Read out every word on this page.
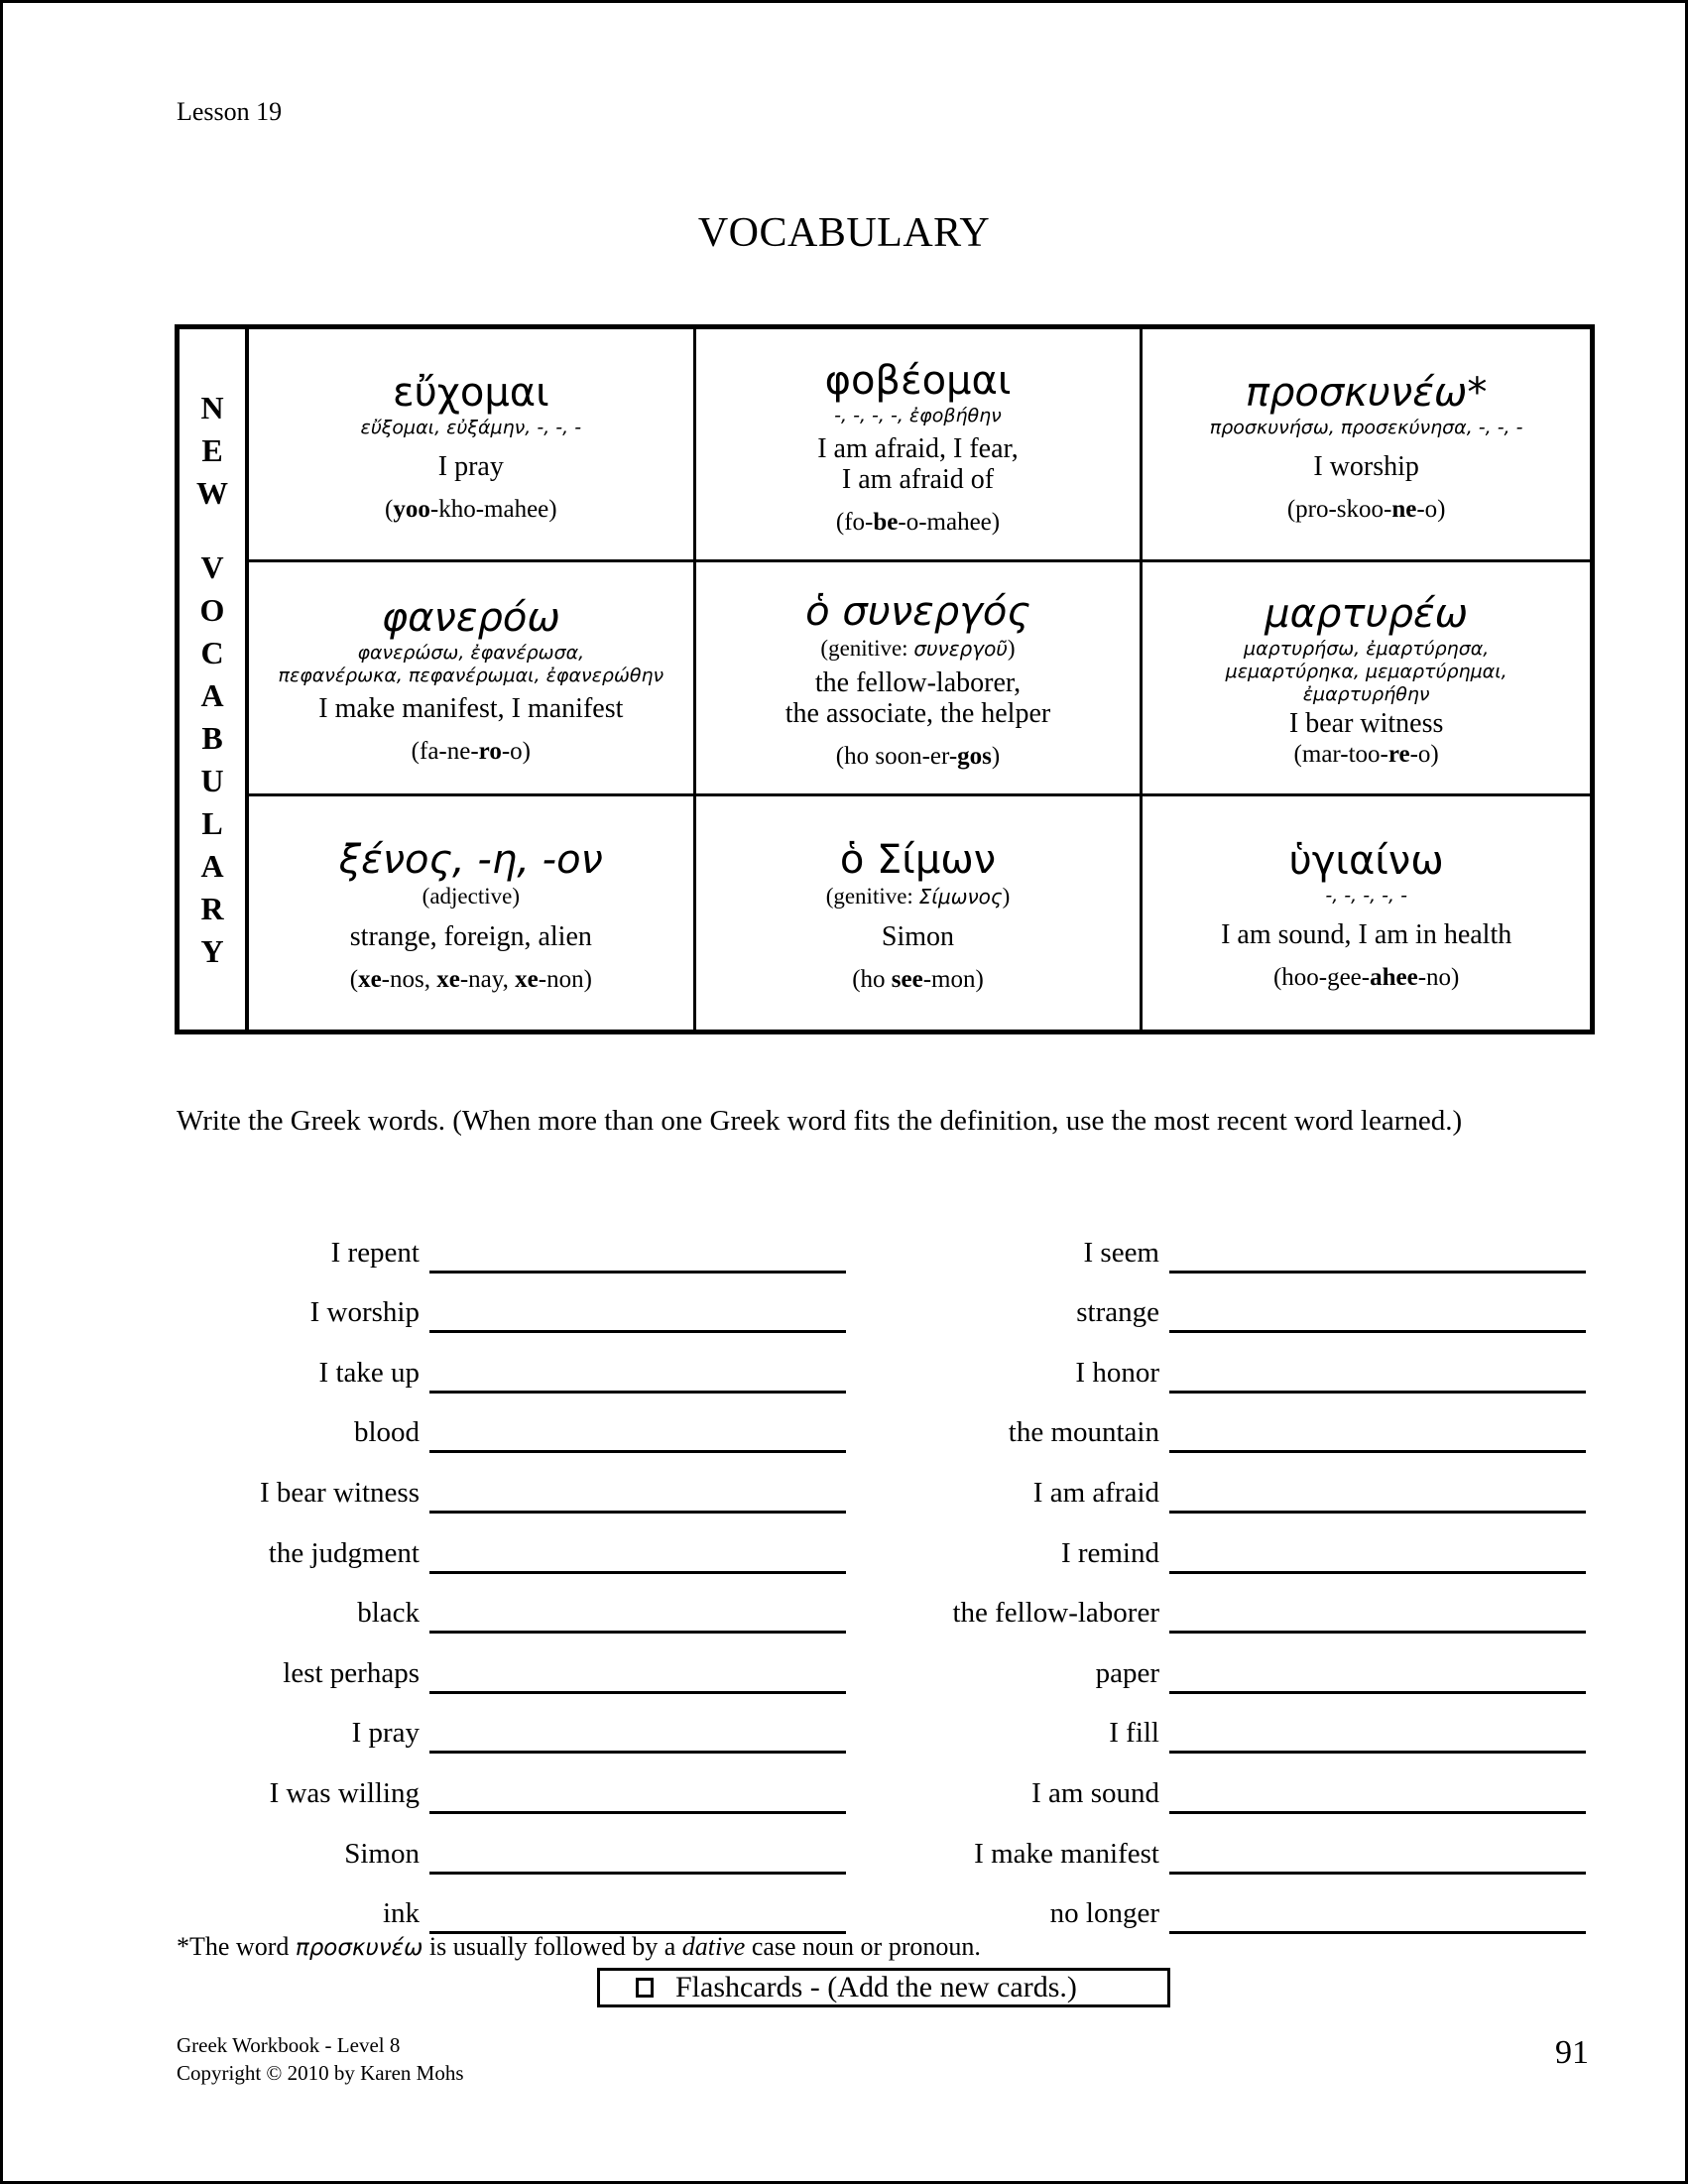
Lesson 19
VOCABULARY
N
E
W
V
O
C
A
B
U
L
A
R
Y
εὔχομαι
εὔξομαι, εὐξάμην, -, -, -
I pray
(yoo-kho-mahee)
φοβέομαι
-, -, -, -, ἐφοβήθην
I am afraid, I fear,
I am afraid of
(fo-be-o-mahee)
προσκυνέω*
προσκυνήσω, προσεκύνησα, -, -, -
I worship
(pro-skoo-ne-o)
φανερόω
φανερώσω, ἐφανέρωσα,
πεφανέρωκα, πεφανέρωμαι, ἐφανερώθην
I make manifest, I manifest
(fa-ne-ro-o)
ὁ συνεργός
(genitive: συνεργοῦ)
the fellow-laborer,
the associate, the helper
(ho soon-er-gos)
μαρτυρέω
μαρτυρήσω, ἐμαρτύρησα,
μεμαρτύρηκα, μεμαρτύρημαι,
ἐμαρτυρήθην
I bear witness
(mar-too-re-o)
ξένος, -η, -ον
(adjective)
strange, foreign, alien
(xe-nos, xe-nay, xe-non)
ὁ Σίμων
(genitive: Σίμωνος)
Simon
(ho see-mon)
ὑγιαίνω
-, -, -, -, -
I am sound, I am in health
(hoo-gee-ahee-no)
Write the Greek words. (When more than one Greek word fits the definition, use the most recent word learned.)
I repent
I worship
I take up
blood
I bear witness
the judgment
black
lest perhaps
I pray
I was willing
Simon
ink
I seem
strange
I honor
the mountain
I am afraid
I remind
the fellow-laborer
paper
I fill
I am sound
I make manifest
no longer
*The word προσκυνέω is usually followed by a dative case noun or pronoun.
Flashcards - (Add the new cards.)
Greek Workbook - Level 8
Copyright © 2010 by Karen Mohs
91
